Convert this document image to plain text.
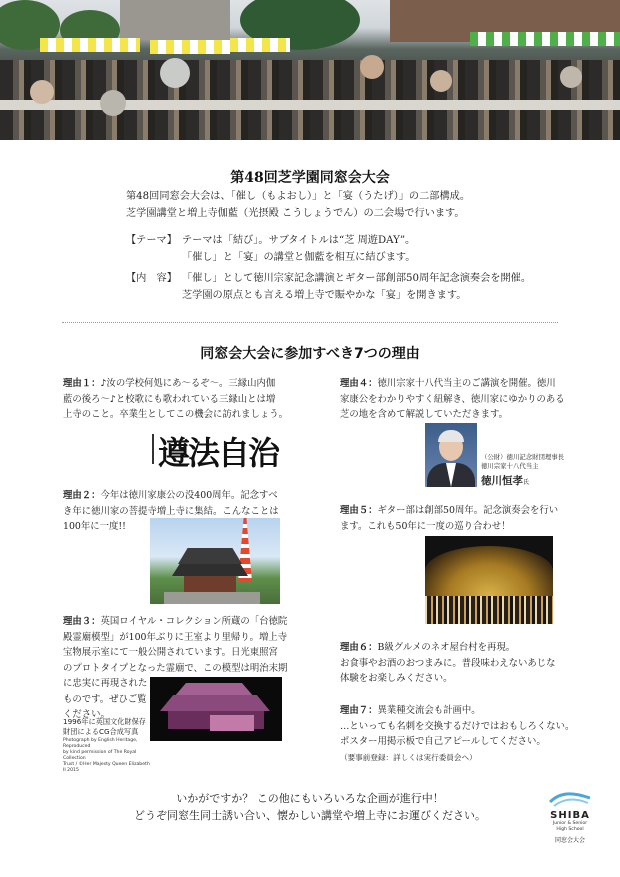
第48回芝学園同窓会大会
第48回同窓会大会は、「催し（もよおし）」と「宴（うたげ）」の二部構成。
芝学園講堂と増上寺伽藍（光摂殿 こうしょうでん）の二会場で行います。
【テーマ】 テーマは「結び」。サブタイトルは“芝 周遊DAY”。
「催し」と「宴」の講堂と伽藍を相互に結びます。
【内　容】 「催し」として徳川宗家記念講演とギター部創部50周年記念演奏会を開催。
芝学園の原点とも言える増上寺で賑やかな「宴」を開きます。
同窓会大会に参加すべき7つの理由
理由１：♪汝の学校何処にあ〜るぞ〜。三縁山内伽
藍の後ろ〜♪と校歌にも歌われている三縁山とは増
上寺のこと。卒業生としてこの機会に訪れましょう。
遵法自治
理由２：今年は徳川家康公の没400周年。記念すべ
き年に徳川家の菩提寺増上寺に集結。こんなことは
100年に一度!!
理由３：英国ロイヤル・コレクション所蔵の「台徳院
殿霊廟模型」が100年ぶりに王室より里帰り。増上寺
宝物展示室にて一般公開されています。日光東照宮
のプロトタイプとなった霊廟で、この模型は明治末期
に忠実に再現された
ものです。ぜひご覧
ください。
1996年に英国文化財保存
財団によるCG合成写真
Photograph by English Heritage, Reproduced
by kind permission of The Royal Collection
Trust / ©Her Majesty Queen Elizabeth II 2015
理由４：徳川宗家十八代当主のご講演を開催。徳川
家康公をわかりやすく紐解き、徳川家にゆかりのある
芝の地を含めて解説していただきます。
（公財）徳川記念財団理事長
徳川宗家十八代当主
徳川恒孝氏
理由５：ギター部は創部50周年。記念演奏会を行い
ます。これも50年に一度の巡り合わせ！
理由６：B級グルメのネオ屋台村を再現。
お食事やお酒のおつまみに。普段味わえないあじな
体験をお楽しみください。
理由７：異業種交流会も計画中。
…といっても名刺を交換するだけではおもしろくない。
ポスター用掲示板で自己アピールしてください。
（要事前登録：詳しくは実行委員会へ）
いかがですか？ この他にもいろいろな企画が進行中！
どうぞ同窓生同士誘い合い、懐かしい講堂や増上寺にお運びください。	SHIBA
Junior & Senior
High School
同窓会大会
